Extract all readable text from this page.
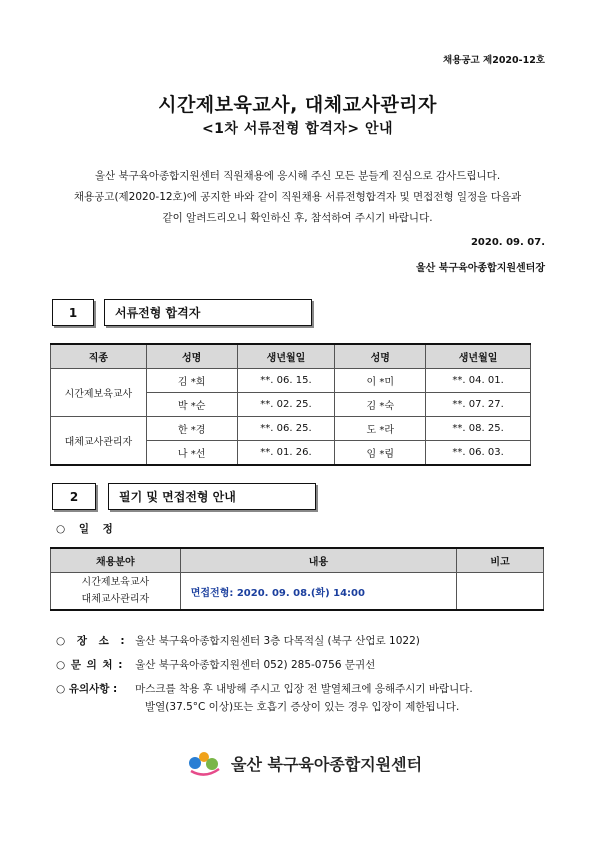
채용공고 제2020-12호
시간제보육교사, 대체교사관리자
<1차 서류전형 합격자> 안내
울산 북구육아종합지원센터 직원채용에 응시해 주신 모든 분들게 진심으로 감사드립니다.
채용공고(제2020-12호)에 공지한 바와 같이 직원채용 서류전형합격자 및 면접전형 일정을 다음과
같이 알려드리오니 확인하신 후, 참석하여 주시기 바랍니다.
2020. 09. 07.
울산 북구육아종합지원센터장
1	서류전형 합격자
직종	성명	생년월일	성명	생년월일
시간제보육교사	김 *희	**. 06. 15.	이 *미	**. 04. 01.
	박 *순	**. 02. 25.	김 *숙	**. 07. 27.
대체교사관리자	한 *경	**. 06. 25.	도 *라	**. 08. 25.
	나 *선	**. 01. 26.	임 *림	**. 06. 03.
2	필기 및 면접전형 안내
○ 일 정
채용분야	내용	비고

시간제보육교사
대체교사관리자	면접전형: 2020. 09. 08.(화) 14:00	
○ 장 소 : 울산 북구육아종합지원센터 3층 다목적실 (북구 산업로 1022)
○ 문 의 처 : 울산 북구육아종합지원센터 052) 285-0756 문귀선
○ 유의사항 : 마스크를 착용 후 내방해 주시고 입장 전 발열체크에 응해주시기 바랍니다.
발열(37.5°C 이상)또는 호흡기 증상이 있는 경우 입장이 제한됩니다.
울산 북구육아종합지원센터
